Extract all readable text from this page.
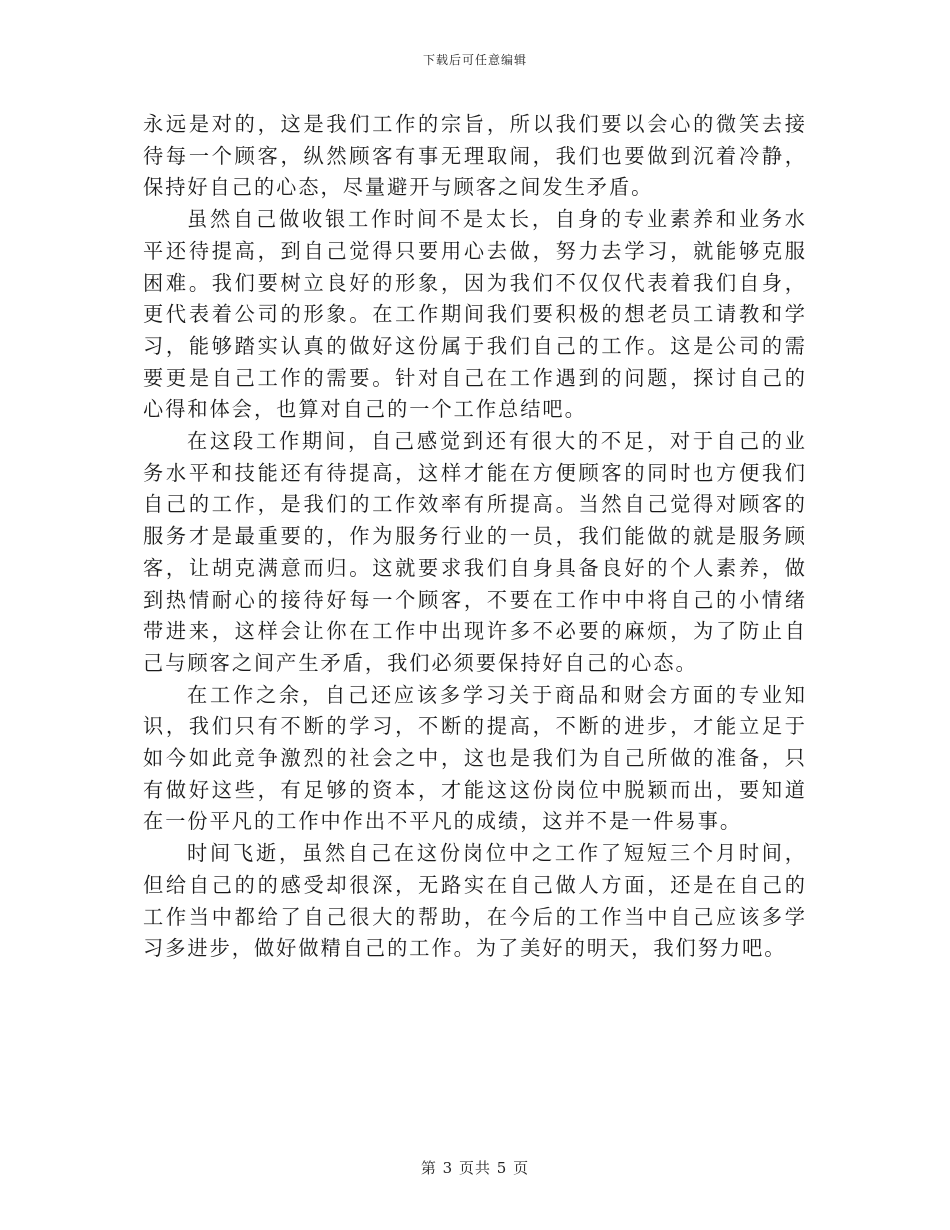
下载后可任意编辑

永远是对的，这是我们工作的宗旨，所以我们要以会心的微笑去接待每一个顾客，纵然顾客有事无理取闹，我们也要做到沉着冷静，保持好自己的心态，尽量避开与顾客之间发生矛盾。

虽然自己做收银工作时间不是太长，自身的专业素养和业务水平还待提高，到自己觉得只要用心去做，努力去学习，就能够克服困难。我们要树立良好的形象，因为我们不仅仅代表着我们自身，更代表着公司的形象。在工作期间我们要积极的想老员工请教和学习，能够踏实认真的做好这份属于我们自己的工作。这是公司的需要更是自己工作的需要。针对自己在工作遇到的问题，探讨自己的心得和体会，也算对自己的一个工作总结吧。

在这段工作期间，自己感觉到还有很大的不足，对于自己的业务水平和技能还有待提高，这样才能在方便顾客的同时也方便我们自己的工作，是我们的工作效率有所提高。当然自己觉得对顾客的服务才是最重要的，作为服务行业的一员，我们能做的就是服务顾客，让胡克满意而归。这就要求我们自身具备良好的个人素养，做到热情耐心的接待好每一个顾客，不要在工作中中将自己的小情绪带进来，这样会让你在工作中出现许多不必要的麻烦，为了防止自己与顾客之间产生矛盾，我们必须要保持好自己的心态。

在工作之余，自己还应该多学习关于商品和财会方面的专业知识，我们只有不断的学习，不断的提高，不断的进步，才能立足于如今如此竞争激烈的社会之中，这也是我们为自己所做的准备，只有做好这些，有足够的资本，才能这这份岗位中脱颖而出，要知道在一份平凡的工作中作出不平凡的成绩，这并不是一件易事。

时间飞逝，虽然自己在这份岗位中之工作了短短三个月时间，但给自己的的感受却很深，无路实在自己做人方面，还是在自己的工作当中都给了自己很大的帮助，在今后的工作当中自己应该多学习多进步，做好做精自己的工作。为了美好的明天，我们努力吧。

第 3 页共 5 页
